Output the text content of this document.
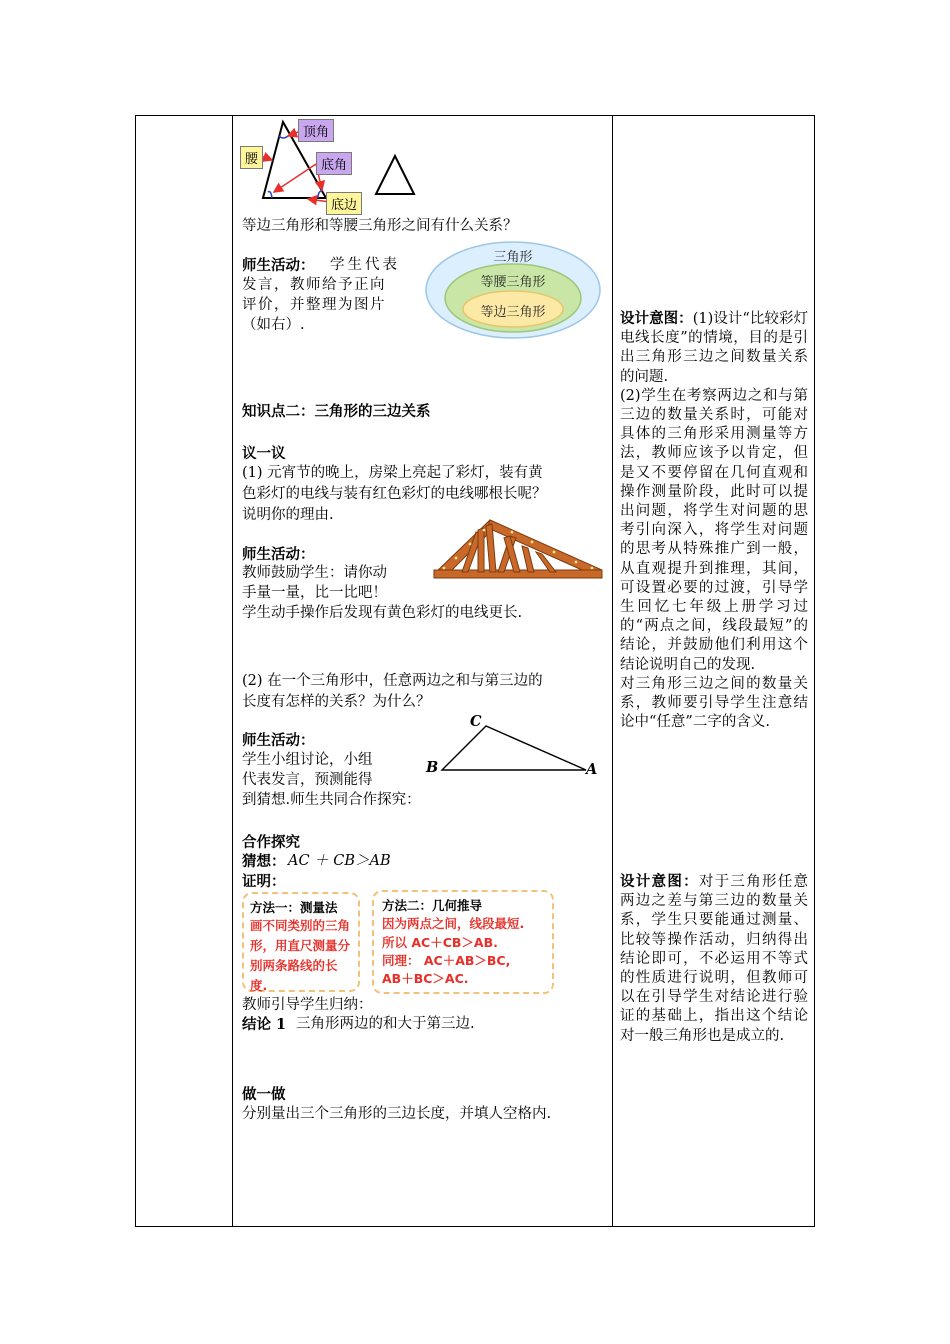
顶角
腰	底角
底边
等边三角形和等腰三角形之间有什么关系？
师生活动： 学生代表
发言，教师给予正向
评价，并整理为图片
（如右）.
三角形
等腰三角形
等边三角形
知识点二：三角形的三边关系
议一议
(1) 元宵节的晚上，房梁上亮起了彩灯，装有黄
色彩灯的电线与装有红色彩灯的电线哪根长呢？
说明你的理由.
师生活动：
教师鼓励学生：请你动
手量一量，比一比吧！
学生动手操作后发现有黄色彩灯的电线更长.
(2) 在一个三角形中，任意两边之和与第三边的
长度有怎样的关系？为什么？
师生活动：
学生小组讨论，小组
代表发言，预测能得
到猜想.师生共同合作探究：
C
B	A
合作探究
猜想： AC ＋ CB＞AB
证明：
方法一：测量法
画不同类别的三角形，用直尺测量分别两条路线的长度.
方法二：几何推导
因为两点之间，线段最短.
所以 AC＋CB＞AB.
同理： AC＋AB＞BC,
AB＋BC＞AC.
教师引导学生归纳：
结论 1 三角形两边的和大于第三边.
做一做
分别量出三个三角形的三边长度，并填人空格内.
设计意图：(1)设计“比较彩灯电线长度”的情境，目的是引出三角形三边之间数量关系的问题.
(2)学生在考察两边之和与第三边的数量关系时，可能对具体的三角形采用测量等方法，教师应该予以肯定，但是又不要停留在几何直观和操作测量阶段，此时可以提出问题，将学生对问题的思考引向深入，将学生对问题的思考从特殊推广到一般，从直观提升到推理，其间，可设置必要的过渡，引导学生回忆七年级上册学习过的“两点之间，线段最短”的结论，并鼓励他们利用这个结论说明自己的发现.
对三角形三边之间的数量关系，教师要引导学生注意结论中“任意”二字的含义.
设计意图：对于三角形任意两边之差与第三边的数量关系，学生只要能通过测量、比较等操作活动，归纳得出结论即可，不必运用不等式的性质进行说明，但教师可以在引导学生对结论进行验证的基础上，指出这个结论对一般三角形也是成立的.
